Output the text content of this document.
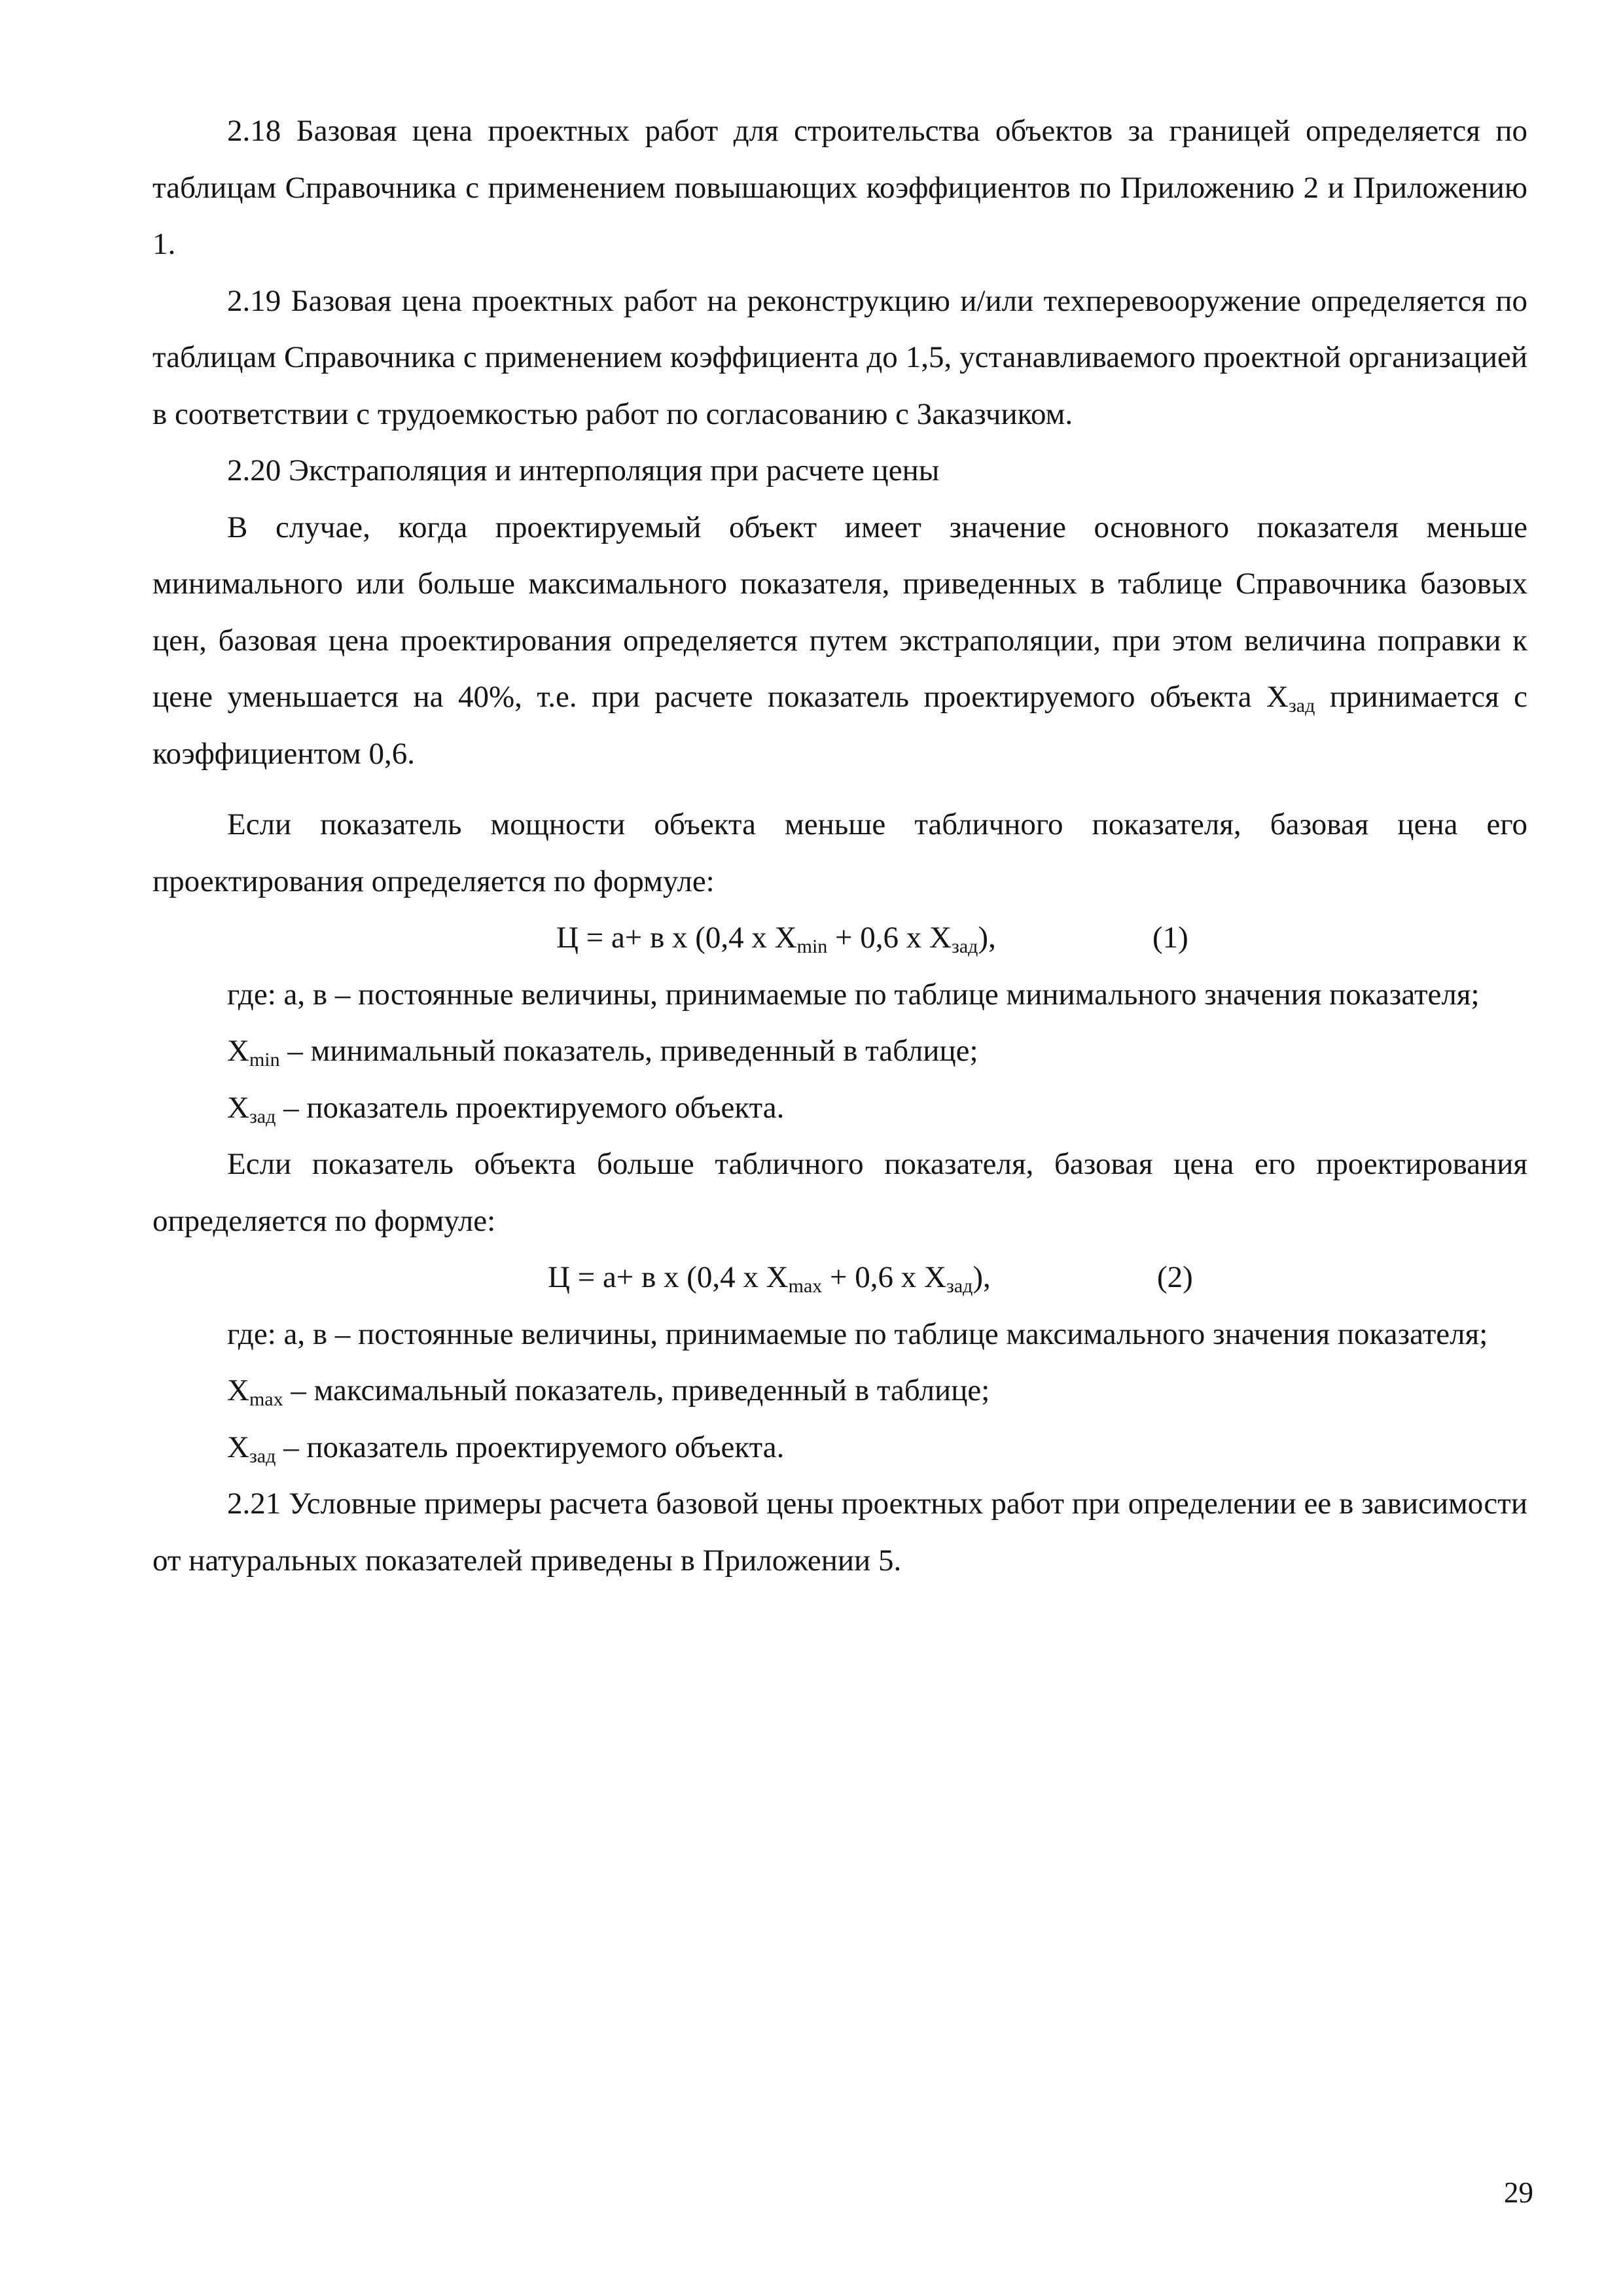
2.18 Базовая цена проектных работ для строительства объектов за границей определяется по таблицам Справочника с применением повышающих коэффициентов по Приложению 2 и Приложению 1.

2.19 Базовая цена проектных работ на реконструкцию и/или техперевооружение определяется по таблицам Справочника с применением коэффициента до 1,5, устанавливаемого проектной организацией в соответствии с трудоемкостью работ по согласованию с Заказчиком.

2.20 Экстраполяция и интерполяция при расчете цены

В случае, когда проектируемый объект имеет значение основного показателя меньше минимального или больше максимального показателя, приведенных в таблице Справочника базовых цен, базовая цена проектирования определяется путем экстраполяции, при этом величина поправки к цене уменьшается на 40%, т.е. при расчете показатель проектируемого объекта $Х_{зад}$ принимается с коэффициентом 0,6.

Если показатель мощности объекта меньше табличного показателя, базовая цена его проектирования определяется по формуле:

Ц = а+ в х (0,4 х $Х_{min} + 0,6$ х $Х_{зад}$),	(1)

где: а, в – постоянные величины, принимаемые по таблице минимального значения показателя;

$Х_{min}$ – минимальный показатель, приведенный в таблице;

$Х_{зад}$ – показатель проектируемого объекта.

Если показатель объекта больше табличного показателя, базовая цена его проектирования определяется по формуле:

Ц = а+ в х (0,4 х $Х_{max} + 0,6$ х $Х_{зад}$),	(2)

где: а, в – постоянные величины, принимаемые по таблице максимального значения показателя;

$Х_{max}$ – максимальный показатель, приведенный в таблице;

$Х_{зад}$ – показатель проектируемого объекта.

2.21 Условные примеры расчета базовой цены проектных работ при определении ее в зависимости от натуральных показателей приведены в Приложении 5.

29
